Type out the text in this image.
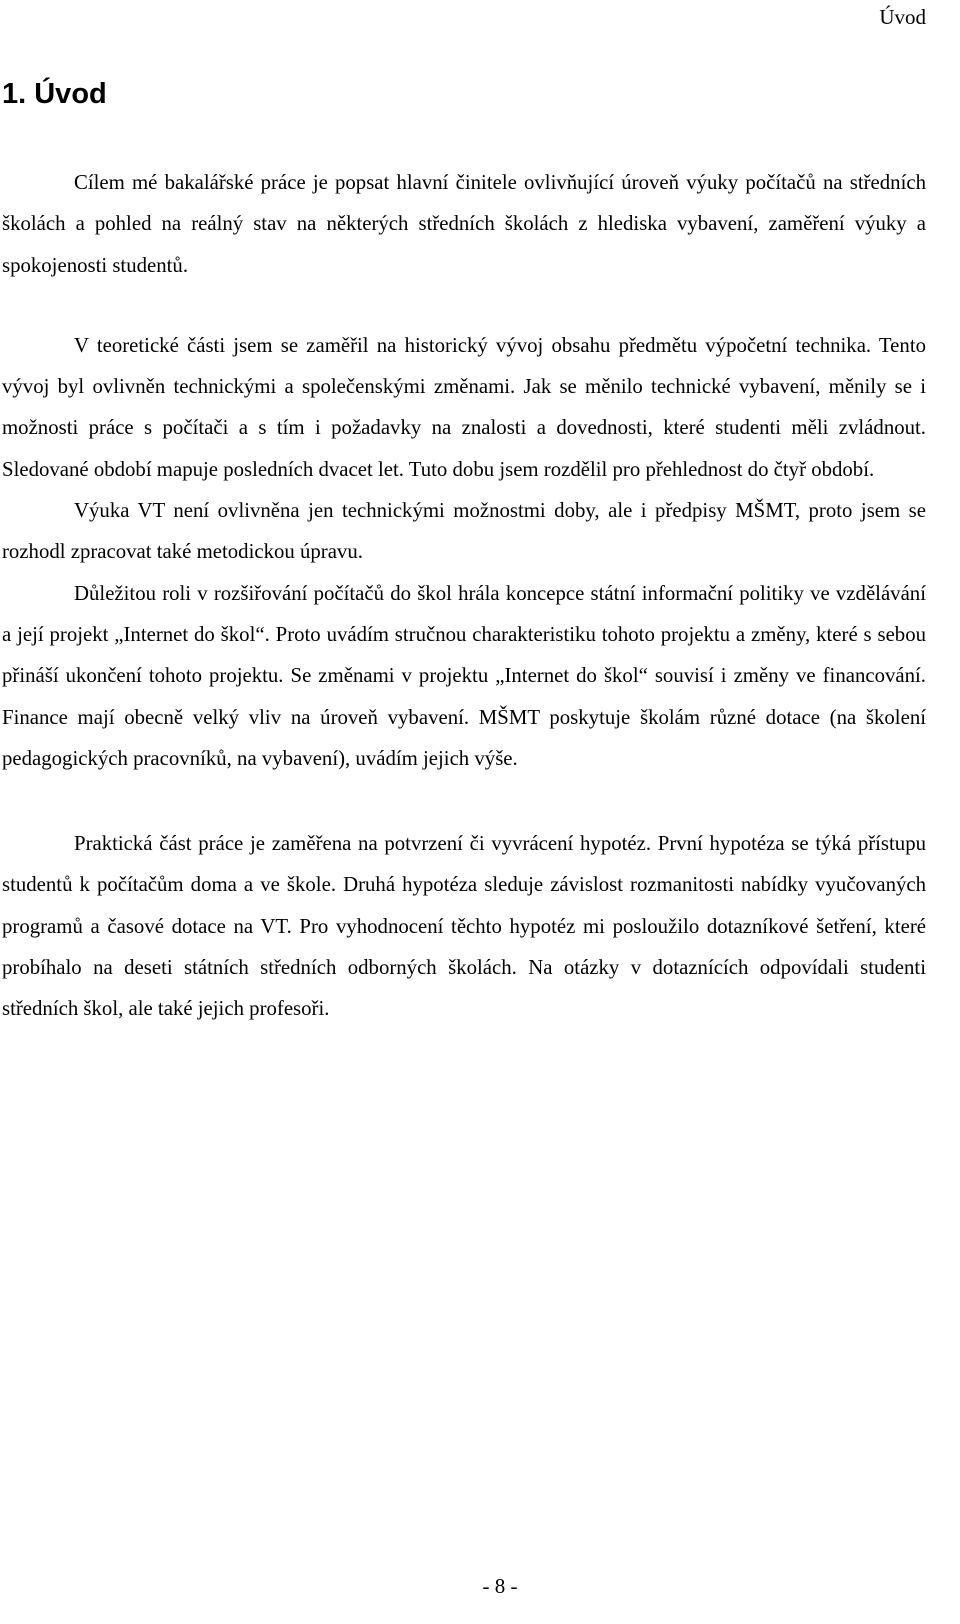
Úvod
1. Úvod

Cílem mé bakalářské práce je popsat hlavní činitele ovlivňující úroveň výuky počítačů na středních školách a pohled na reálný stav na některých středních školách z hlediska vybavení, zaměření výuky a spokojenosti studentů.

V teoretické části jsem se zaměřil na historický vývoj obsahu předmětu výpočetní technika. Tento vývoj byl ovlivněn technickými a společenskými změnami. Jak se měnilo technické vybavení, měnily se i možnosti práce s počítači a s tím i požadavky na znalosti a dovednosti, které studenti měli zvládnout. Sledované období mapuje posledních dvacet let. Tuto dobu jsem rozdělil pro přehlednost do čtyř období.

Výuka VT není ovlivněna jen technickými možnostmi doby, ale i předpisy MŠMT, proto jsem se rozhodl zpracovat také metodickou úpravu.

Důležitou roli v rozšiřování počítačů do škol hrála koncepce státní informační politiky ve vzdělávání a její projekt „Internet do škol“. Proto uvádím stručnou charakteristiku tohoto projektu a změny, které s sebou přináší ukončení tohoto projektu. Se změnami v projektu „Internet do škol“ souvisí i změny ve financování. Finance mají obecně velký vliv na úroveň vybavení. MŠMT poskytuje školám různé dotace (na školení pedagogických pracovníků, na vybavení), uvádím jejich výše.

Praktická část práce je zaměřena na potvrzení či vyvrácení hypotéz. První hypotéza se týká přístupu studentů k počítačům doma a ve škole. Druhá hypotéza sleduje závislost rozmanitosti nabídky vyučovaných programů a časové dotace na VT. Pro vyhodnocení těchto hypotéz mi posloužilo dotazníkové šetření, které probíhalo na deseti státních středních odborných školách. Na otázky v dotaznících odpovídali studenti středních škol, ale také jejich profesoři.

- 8 -
